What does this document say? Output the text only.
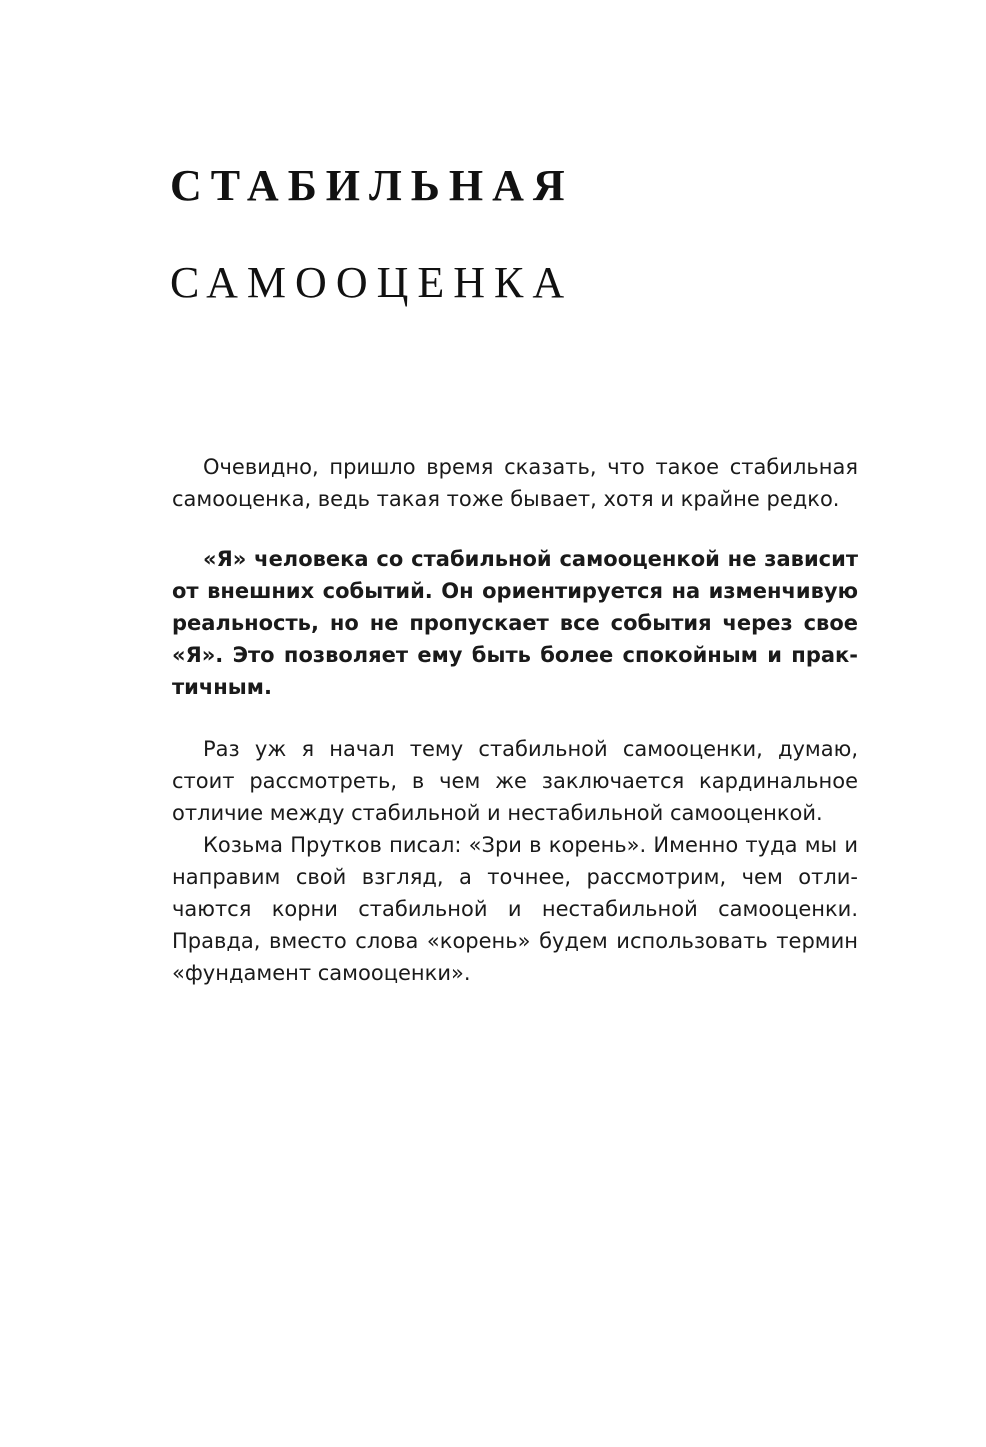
СТАБИЛЬНАЯ
САМООЦЕНКА

Очевидно, пришло время сказать, что такое стабильная самооценка, ведь такая тоже бывает, хотя и крайне редко.

«Я» человека со стабильной самооценкой не зависит от внешних событий. Он ориентируется на изменчивую реальность, но не пропускает все события через свое «Я». Это позволяет ему быть более спокойным и практичным.

Раз уж я начал тему стабильной самооценки, думаю, стоит рассмотреть, в чем же заключается кардинальное отличие между стабильной и нестабильной самооценкой.

Козьма Прутков писал: «Зри в корень». Именно туда мы и направим свой взгляд, а точнее, рассмотрим, чем отличаются корни стабильной и нестабильной самооценки. Правда, вместо слова «корень» будем использовать термин «фундамент самооценки».
